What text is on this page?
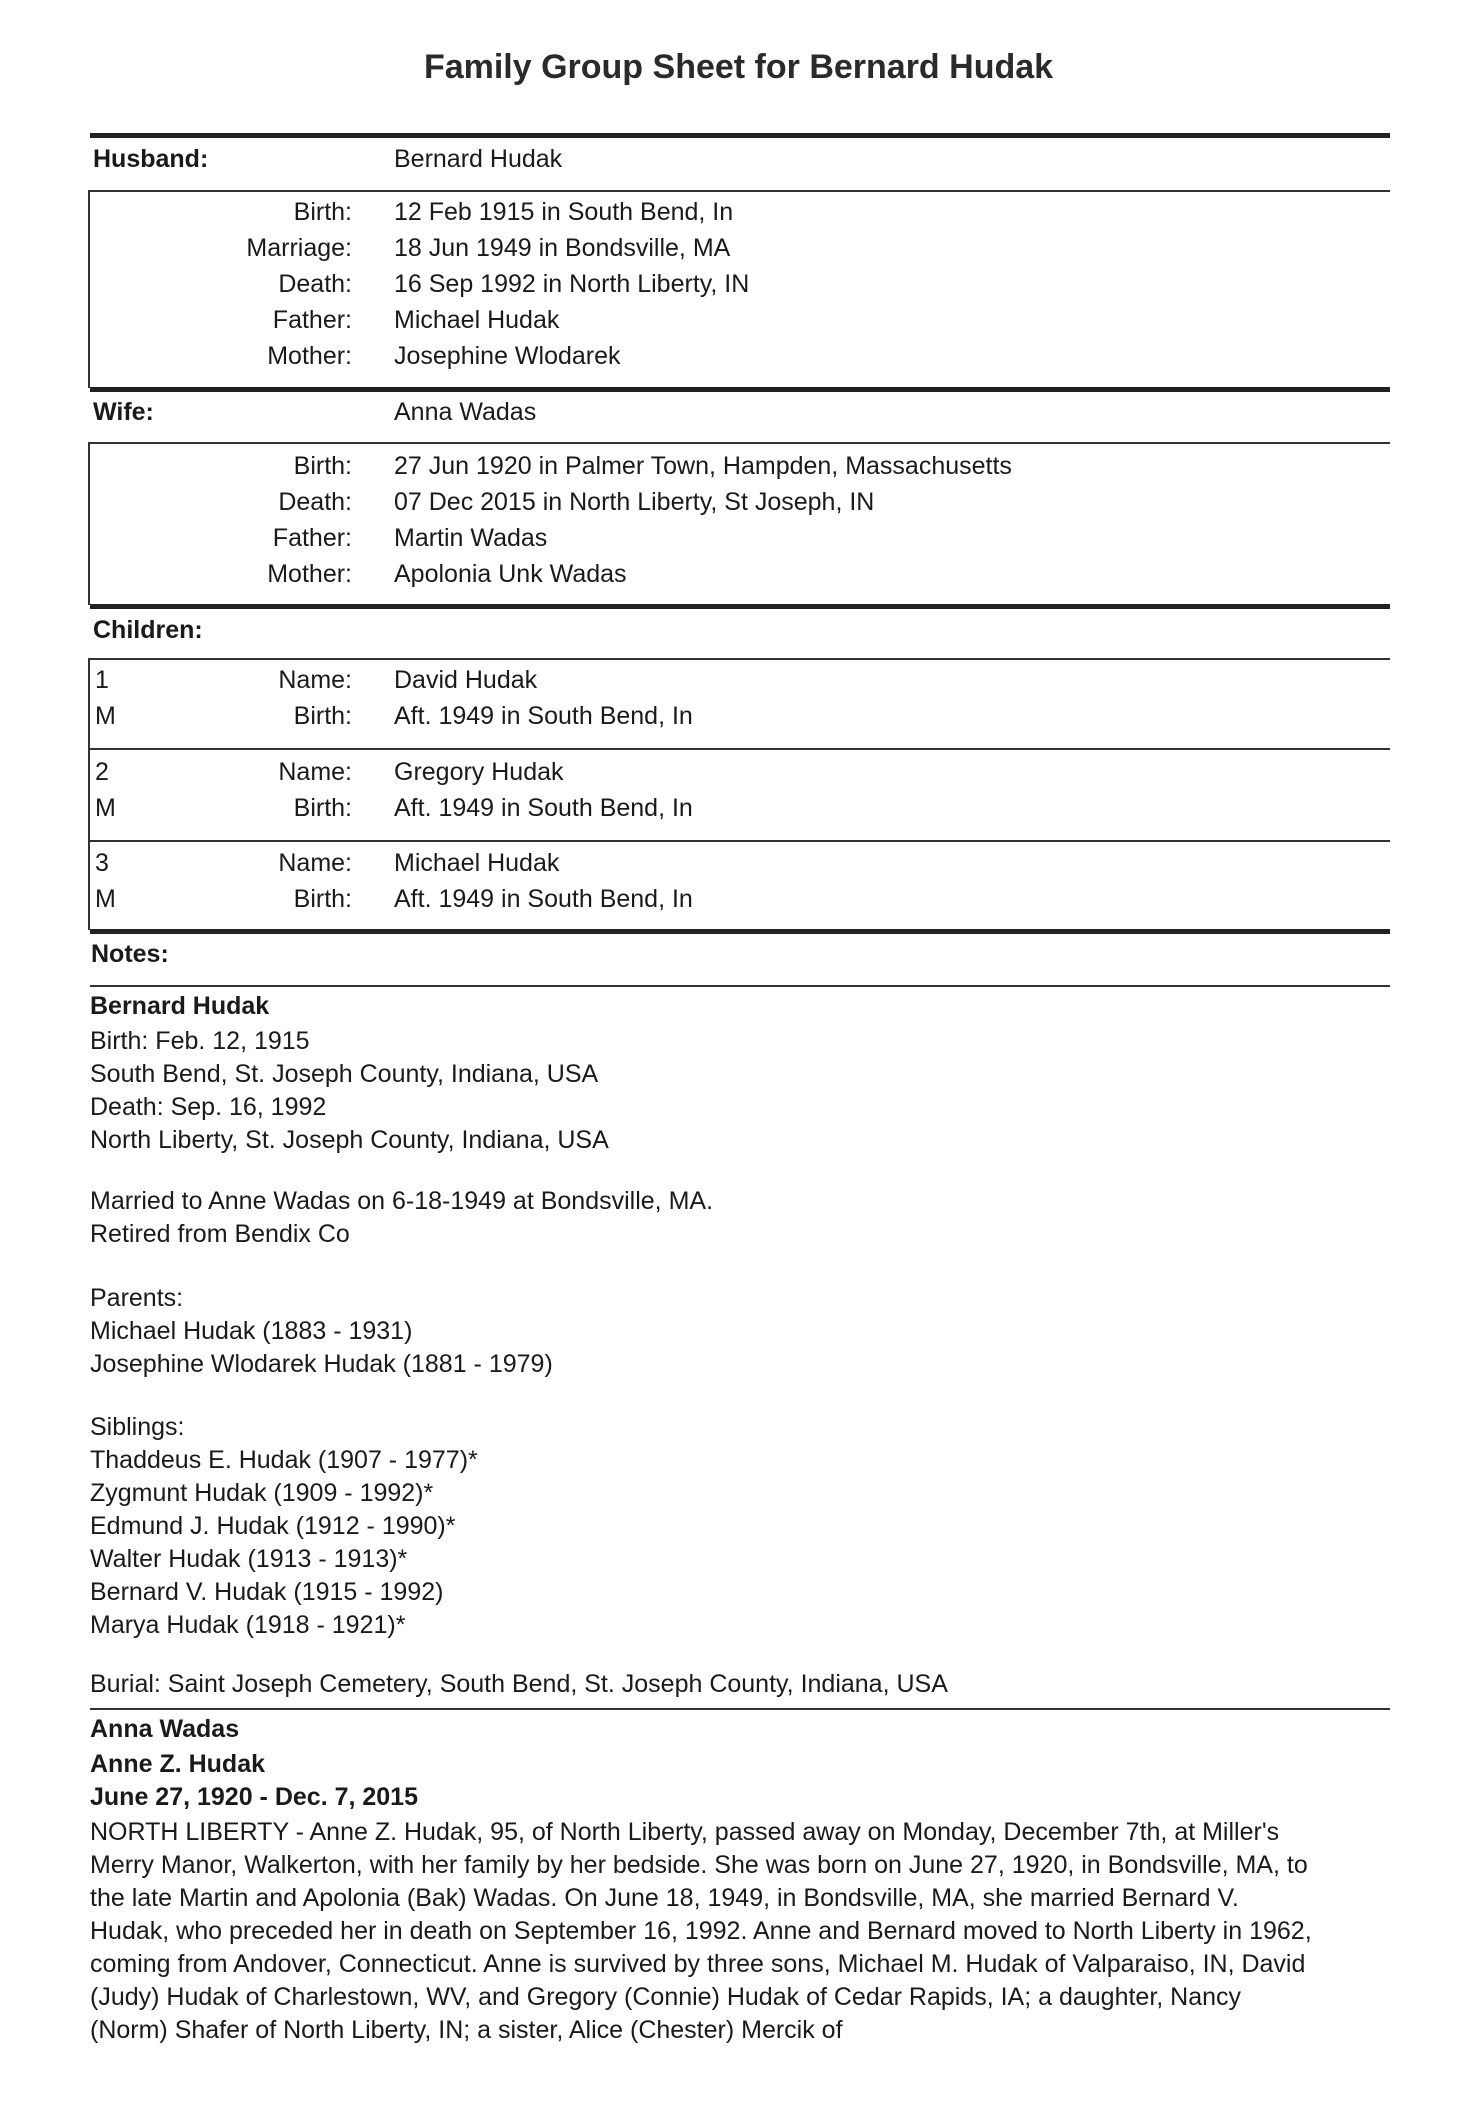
Family Group Sheet for Bernard Hudak
Husband:	Bernard Hudak
Birth: 12 Feb 1915 in South Bend, In
Marriage: 18 Jun 1949 in Bondsville, MA
Death: 16 Sep 1992 in North Liberty, IN
Father: Michael Hudak
Mother: Josephine Wlodarek
Wife:	Anna Wadas
Birth: 27 Jun 1920 in Palmer Town, Hampden, Massachusetts
Death: 07 Dec 2015 in North Liberty, St Joseph, IN
Father: Martin Wadas
Mother: Apolonia Unk Wadas
Children:
1	Name: David Hudak
M	Birth: Aft. 1949 in South Bend, In
2	Name: Gregory Hudak
M	Birth: Aft. 1949 in South Bend, In
3	Name: Michael Hudak
M	Birth: Aft. 1949 in South Bend, In
Notes:
Bernard Hudak
Birth: Feb. 12, 1915
South Bend, St. Joseph County, Indiana, USA
Death: Sep. 16, 1992
North Liberty, St. Joseph County, Indiana, USA
Married to Anne Wadas on 6-18-1949 at Bondsville, MA.
Retired from Bendix Co
Parents:
Michael Hudak (1883 - 1931)
Josephine Wlodarek Hudak (1881 - 1979)
Siblings:
Thaddeus E. Hudak (1907 - 1977)*
Zygmunt Hudak (1909 - 1992)*
Edmund J. Hudak (1912 - 1990)*
Walter Hudak (1913 - 1913)*
Bernard V. Hudak (1915 - 1992)
Marya Hudak (1918 - 1921)*
Burial: Saint Joseph Cemetery, South Bend, St. Joseph County, Indiana, USA
Anna Wadas
Anne Z. Hudak
June 27, 1920 - Dec. 7, 2015
NORTH LIBERTY - Anne Z. Hudak, 95, of North Liberty, passed away on Monday, December 7th, at Miller's Merry Manor, Walkerton, with her family by her bedside. She was born on June 27, 1920, in Bondsville, MA, to the late Martin and Apolonia (Bak) Wadas. On June 18, 1949, in Bondsville, MA, she married Bernard V. Hudak, who preceded her in death on September 16, 1992. Anne and Bernard moved to North Liberty in 1962, coming from Andover, Connecticut. Anne is survived by three sons, Michael M. Hudak of Valparaiso, IN, David (Judy) Hudak of Charlestown, WV, and Gregory (Connie) Hudak of Cedar Rapids, IA; a daughter, Nancy (Norm) Shafer of North Liberty, IN; a sister, Alice (Chester) Mercik of
